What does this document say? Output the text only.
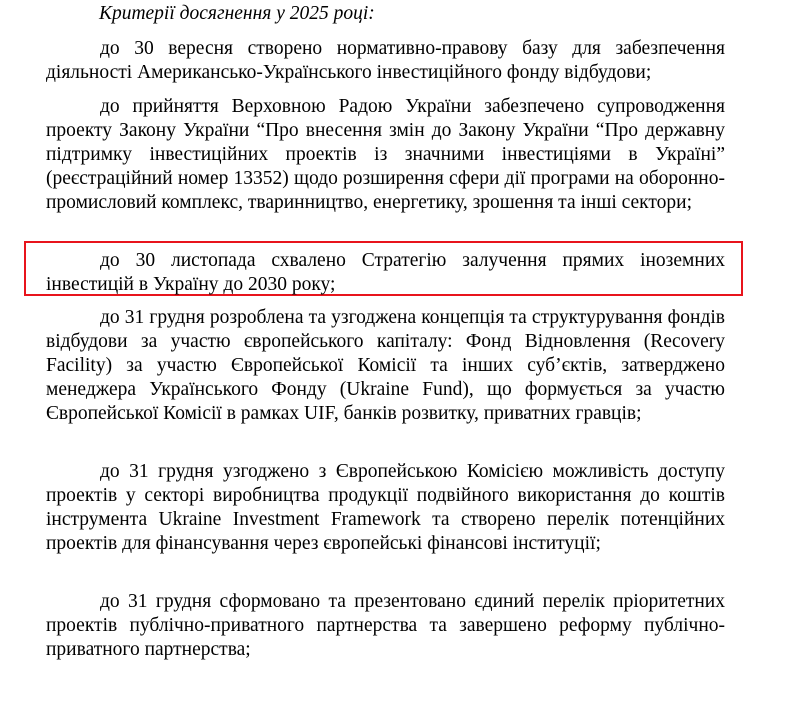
Критерії досягнення у 2025 році:
до 30 вересня створено нормативно-правову базу для забезпечення діяльності Американсько-Українського інвестиційного фонду відбудови;
до прийняття Верховною Радою України забезпечено супроводження проекту Закону України “Про внесення змін до Закону України “Про державну підтримку інвестиційних проектів із значними інвестиціями в Україні” (реєстраційний номер 13352) щодо розширення сфери дії програми на оборонно-промисловий комплекс, тваринництво, енергетику, зрошення та інші сектори;
до 30 листопада схвалено Стратегію залучення прямих іноземних інвестицій в Україну до 2030 року;
до 31 грудня розроблена та узгоджена концепція та структурування фондів відбудови за участю європейського капіталу: Фонд Відновлення (Recovery Facility) за участю Європейської Комісії та інших суб’єктів, затверджено менеджера Українського Фонду (Ukraine Fund), що формується за участю Європейської Комісії в рамках UIF, банків розвитку, приватних гравців;
до 31 грудня узгоджено з Європейською Комісією можливість доступу проектів у секторі виробництва продукції подвійного використання до коштів інструмента Ukraine Investment Framework та створено перелік потенційних проектів для фінансування через європейські фінансові інституції;
до 31 грудня сформовано та презентовано єдиний перелік пріоритетних проектів публічно-приватного партнерства та завершено реформу публічно-приватного партнерства;
